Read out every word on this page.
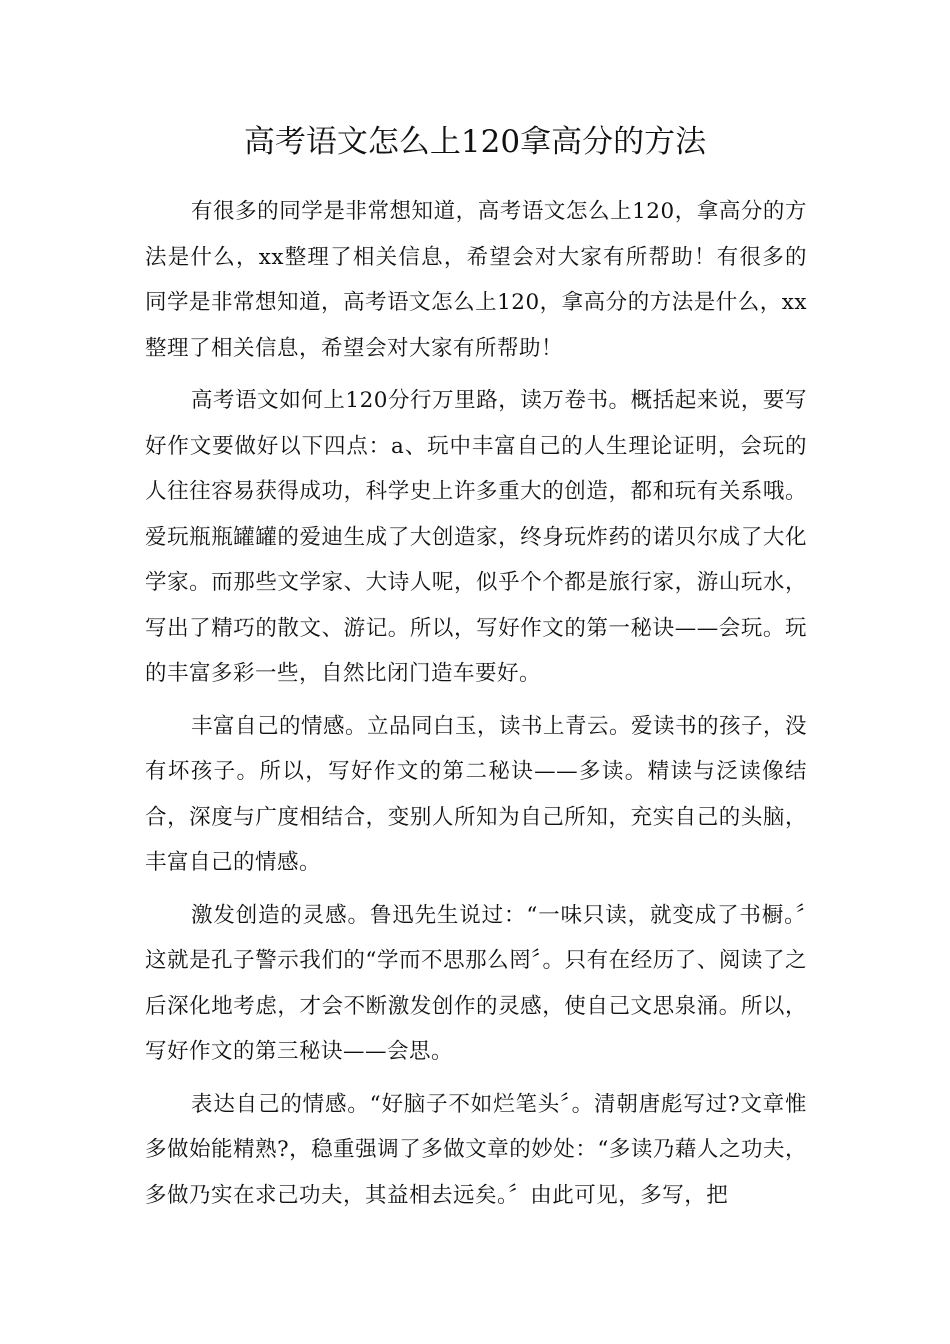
高考语文怎么上120拿高分的方法

有很多的同学是非常想知道，高考语文怎么上120，拿高分的方法是什么，xx整理了相关信息，希望会对大家有所帮助！有很多的同学是非常想知道，高考语文怎么上120，拿高分的方法是什么，xx整理了相关信息，希望会对大家有所帮助！

高考语文如何上120分行万里路，读万卷书。概括起来说，要写好作文要做好以下四点：a、玩中丰富自己的人生理论证明，会玩的人往往容易获得成功，科学史上许多重大的创造，都和玩有关系哦。爱玩瓶瓶罐罐的爱迪生成了大创造家，终身玩炸药的诺贝尔成了大化学家。而那些文学家、大诗人呢，似乎个个都是旅行家，游山玩水，写出了精巧的散文、游记。所以，写好作文的第一秘诀——会玩。玩的丰富多彩一些，自然比闭门造车要好。

丰富自己的情感。立品同白玉，读书上青云。爱读书的孩子，没有坏孩子。所以，写好作文的第二秘诀——多读。精读与泛读像结合，深度与广度相结合，变别人所知为自己所知，充实自己的头脑，丰富自己的情感。

激发创造的灵感。鲁迅先生说过：“一味只读，就变成了书橱。〞这就是孔子警示我们的“学而不思那么罔〞。只有在经历了、阅读了之后深化地考虑，才会不断激发创作的灵感，使自己文思泉涌。所以，写好作文的第三秘诀——会思。

表达自己的情感。“好脑子不如烂笔头〞。清朝唐彪写过?文章惟多做始能精熟?，稳重强调了多做文章的妙处：“多读乃藉人之功夫，多做乃实在求己功夫，其益相去远矣。〞由此可见，多写，把
